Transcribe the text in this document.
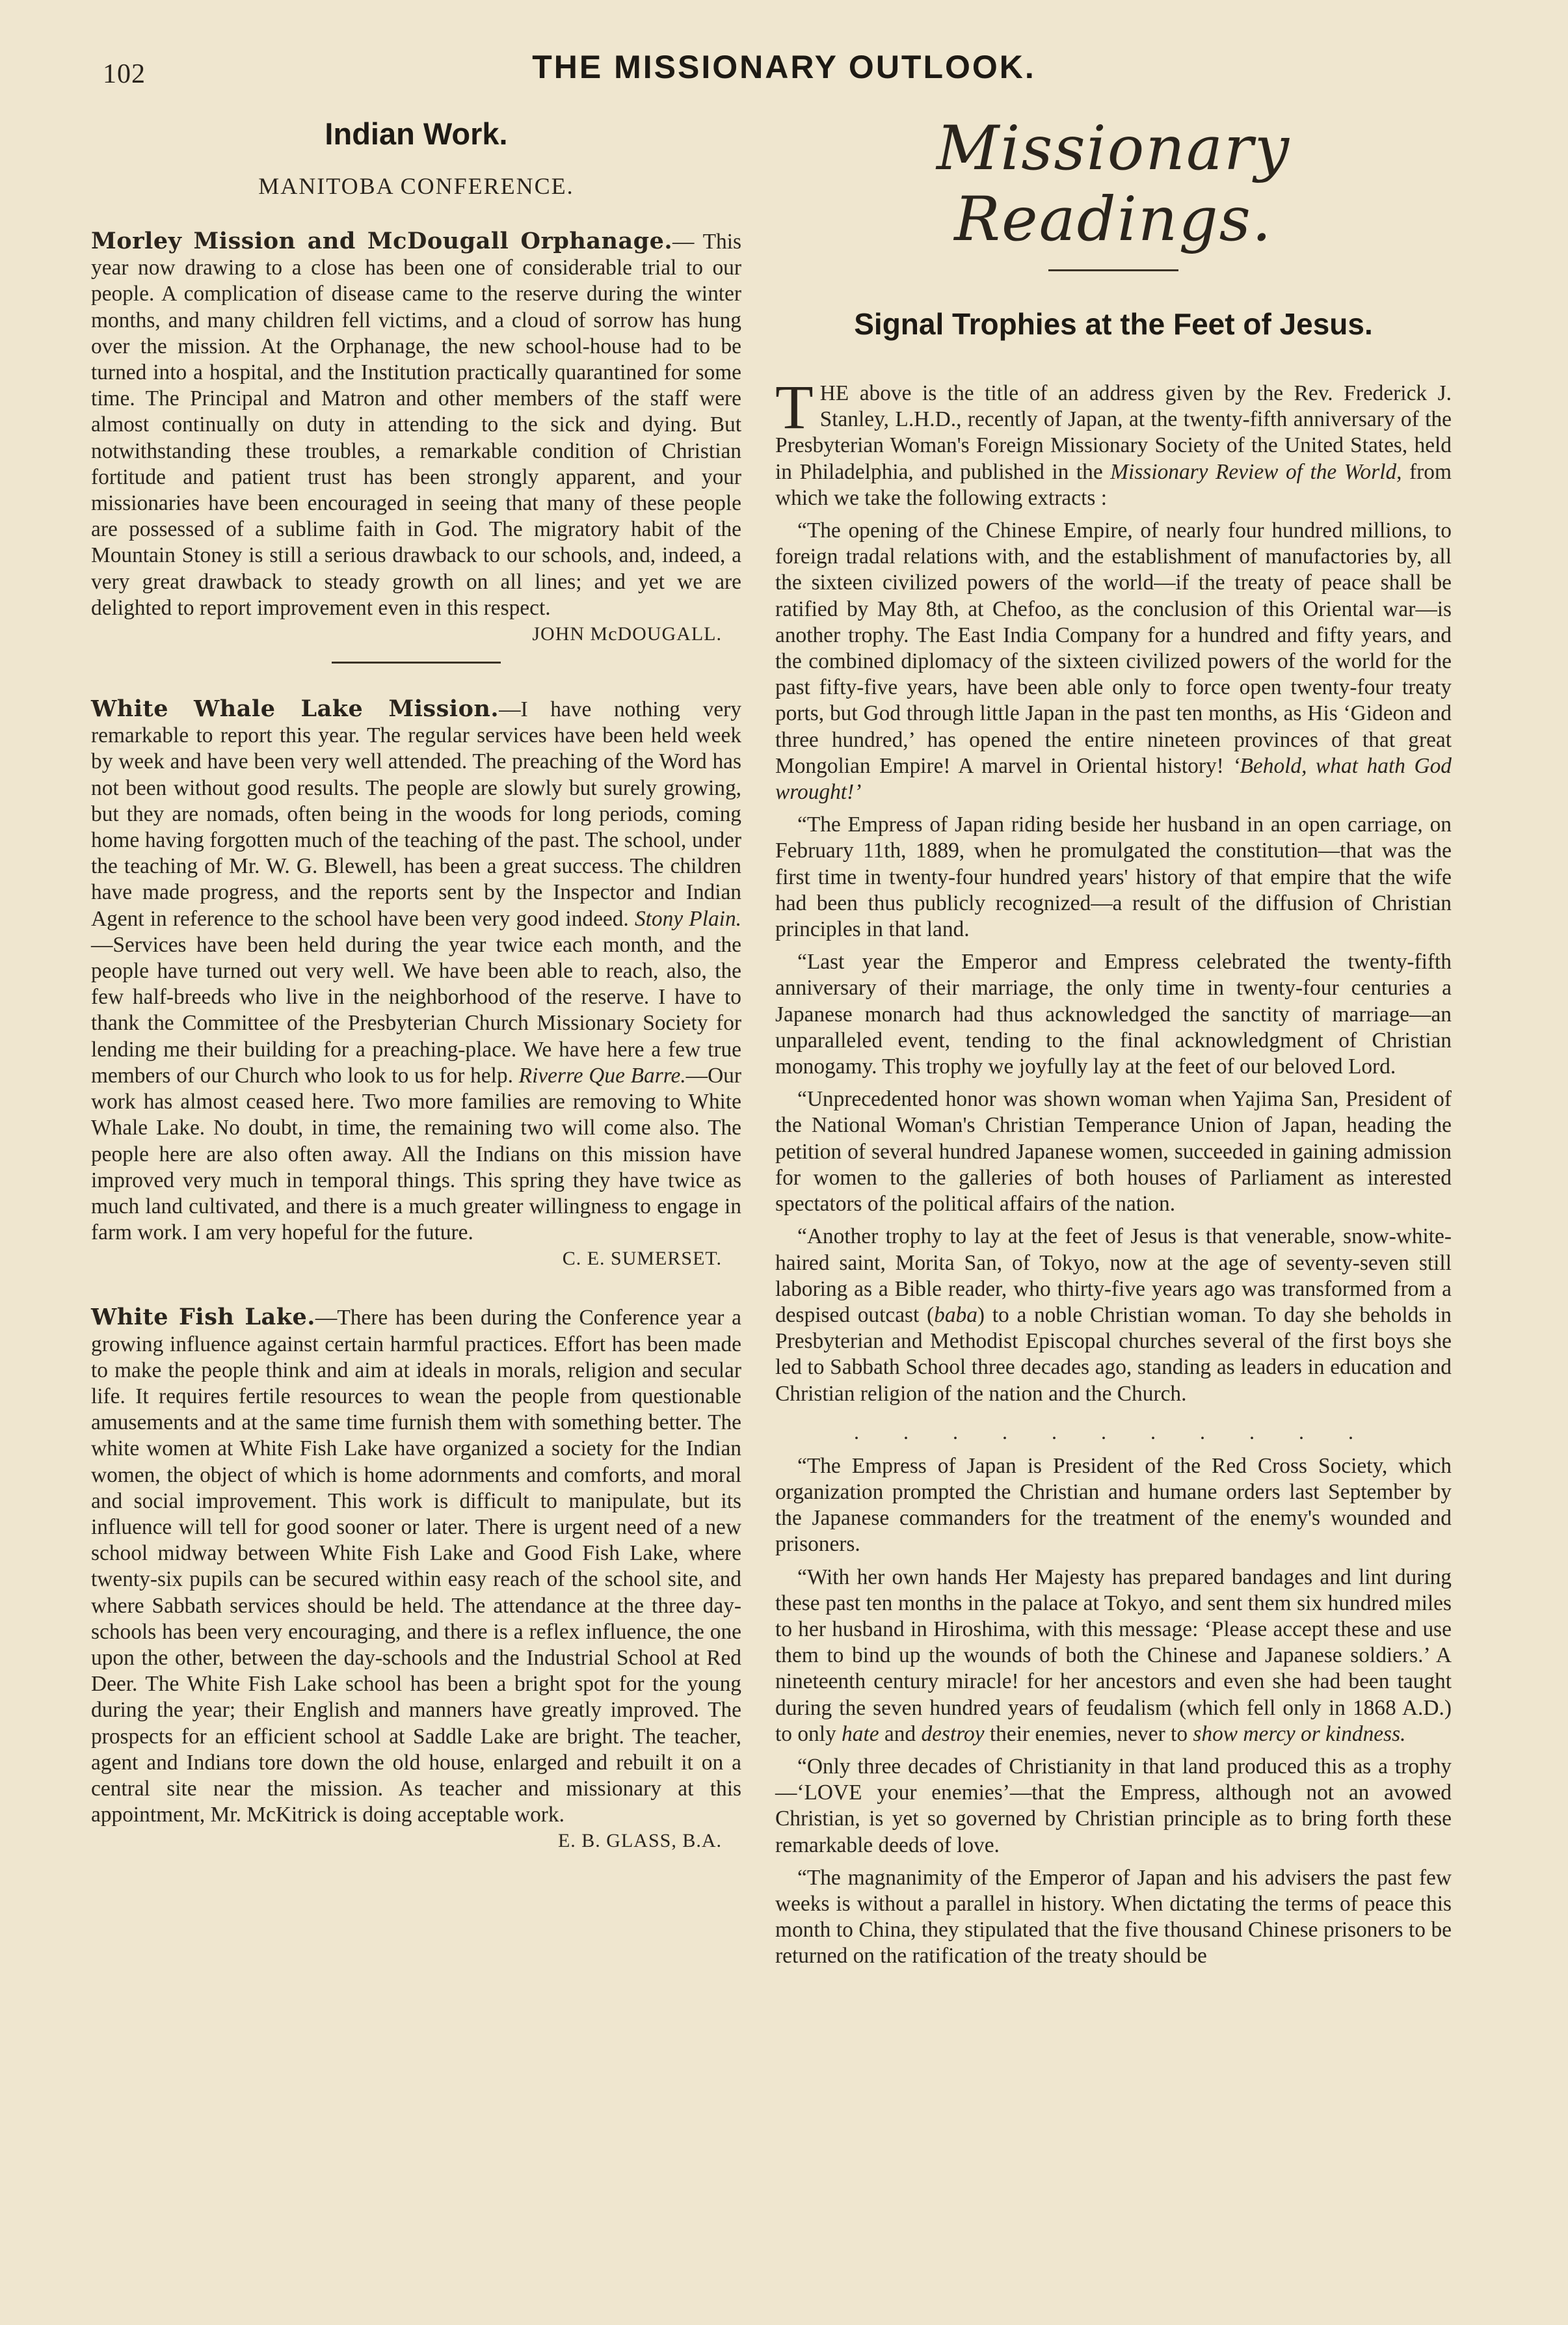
102	THE MISSIONARY OUTLOOK.
Indian Work.
MANITOBA CONFERENCE.

Morley Mission and McDougall Orphanage.— This year now drawing to a close has been one of considerable trial to our people. A complication of disease came to the reserve during the winter months, and many children fell victims, and a cloud of sorrow has hung over the mission. At the Orphanage, the new school-house had to be turned into a hospital, and the Institution practically quarantined for some time. The Principal and Matron and other members of the staff were almost continually on duty in attending to the sick and dying. But notwithstanding these troubles, a remarkable condition of Christian fortitude and patient trust has been strongly apparent, and your missionaries have been encouraged in seeing that many of these people are possessed of a sublime faith in God. The migratory habit of the Mountain Stoney is still a serious drawback to our schools, and, indeed, a very great drawback to steady growth on all lines; and yet we are delighted to report improvement even in this respect.

JOHN McDOUGALL.

White Whale Lake Mission.—I have nothing very remarkable to report this year. The regular services have been held week by week and have been very well attended. The preaching of the Word has not been without good results. The people are slowly but surely growing, but they are nomads, often being in the woods for long periods, coming home having forgotten much of the teaching of the past. The school, under the teaching of Mr. W. G. Blewell, has been a great success. The children have made progress, and the reports sent by the Inspector and Indian Agent in reference to the school have been very good indeed. Stony Plain.—Services have been held during the year twice each month, and the people have turned out very well. We have been able to reach, also, the few half-breeds who live in the neighborhood of the reserve. I have to thank the Committee of the Presbyterian Church Missionary Society for lending me their building for a preaching-place. We have here a few true members of our Church who look to us for help. Riverre Que Barre.—Our work has almost ceased here. Two more families are removing to White Whale Lake. No doubt, in time, the remaining two will come also. The people here are also often away. All the Indians on this mission have improved very much in temporal things. This spring they have twice as much land cultivated, and there is a much greater willingness to engage in farm work. I am very hopeful for the future.

C. E. SUMERSET.

White Fish Lake.—There has been during the Conference year a growing influence against certain harmful practices. Effort has been made to make the people think and aim at ideals in morals, religion and secular life. It requires fertile resources to wean the people from questionable amusements and at the same time furnish them with something better. The white women at White Fish Lake have organized a society for the Indian women, the object of which is home adornments and comforts, and moral and social improvement. This work is difficult to manipulate, but its influence will tell for good sooner or later. There is urgent need of a new school midway between White Fish Lake and Good Fish Lake, where twenty-six pupils can be secured within easy reach of the school site, and where Sabbath services should be held. The attendance at the three day-schools has been very encouraging, and there is a reflex influence, the one upon the other, between the day-schools and the Industrial School at Red Deer. The White Fish Lake school has been a bright spot for the young during the year; their English and manners have greatly improved. The prospects for an efficient school at Saddle Lake are bright. The teacher, agent and Indians tore down the old house, enlarged and rebuilt it on a central site near the mission. As teacher and missionary at this appointment, Mr. McKitrick is doing acceptable work.

E. B. GLASS, B.A.
Missionary Readings.
Signal Trophies at the Feet of Jesus.

THE above is the title of an address given by the Rev. Frederick J. Stanley, L.H.D., recently of Japan, at the twenty-fifth anniversary of the Presbyterian Woman's Foreign Missionary Society of the United States, held in Philadelphia, and published in the Missionary Review of the World, from which we take the following extracts :

“The opening of the Chinese Empire, of nearly four hundred millions, to foreign tradal relations with, and the establishment of manufactories by, all the sixteen civilized powers of the world—if the treaty of peace shall be ratified by May 8th, at Chefoo, as the conclusion of this Oriental war—is another trophy. The East India Company for a hundred and fifty years, and the combined diplomacy of the sixteen civilized powers of the world for the past fifty-five years, have been able only to force open twenty-four treaty ports, but God through little Japan in the past ten months, as His ‘Gideon and three hundred,’ has opened the entire nineteen provinces of that great Mongolian Empire! A marvel in Oriental history! ‘Behold, what hath God wrought!’

“The Empress of Japan riding beside her husband in an open carriage, on February 11th, 1889, when he promulgated the constitution—that was the first time in twenty-four hundred years' history of that empire that the wife had been thus publicly recognized—a result of the diffusion of Christian principles in that land.

“Last year the Emperor and Empress celebrated the twenty-fifth anniversary of their marriage, the only time in twenty-four centuries a Japanese monarch had thus acknowledged the sanctity of marriage—an unparalleled event, tending to the final acknowledgment of Christian monogamy. This trophy we joyfully lay at the feet of our beloved Lord.

“Unprecedented honor was shown woman when Yajima San, President of the National Woman's Christian Temperance Union of Japan, heading the petition of several hundred Japanese women, succeeded in gaining admission for women to the galleries of both houses of Parliament as interested spectators of the political affairs of the nation.

“Another trophy to lay at the feet of Jesus is that venerable, snow-white-haired saint, Morita San, of Tokyo, now at the age of seventy-seven still laboring as a Bible reader, who thirty-five years ago was transformed from a despised outcast (baba) to a noble Christian woman. To day she beholds in Presbyterian and Methodist Episcopal churches several of the first boys she led to Sabbath School three decades ago, standing as leaders in education and Christian religion of the nation and the Church.

. . . . . . . . . . .

“The Empress of Japan is President of the Red Cross Society, which organization prompted the Christian and humane orders last September by the Japanese commanders for the treatment of the enemy's wounded and prisoners.

“With her own hands Her Majesty has prepared bandages and lint during these past ten months in the palace at Tokyo, and sent them six hundred miles to her husband in Hiroshima, with this message: ‘Please accept these and use them to bind up the wounds of both the Chinese and Japanese soldiers.’ A nineteenth century miracle! for her ancestors and even she had been taught during the seven hundred years of feudalism (which fell only in 1868 A.D.) to only hate and destroy their enemies, never to show mercy or kindness.

“Only three decades of Christianity in that land produced this as a trophy—‘LOVE your enemies’—that the Empress, although not an avowed Christian, is yet so governed by Christian principle as to bring forth these remarkable deeds of love.

“The magnanimity of the Emperor of Japan and his advisers the past few weeks is without a parallel in history. When dictating the terms of peace this month to China, they stipulated that the five thousand Chinese prisoners to be returned on the ratification of the treaty should be
